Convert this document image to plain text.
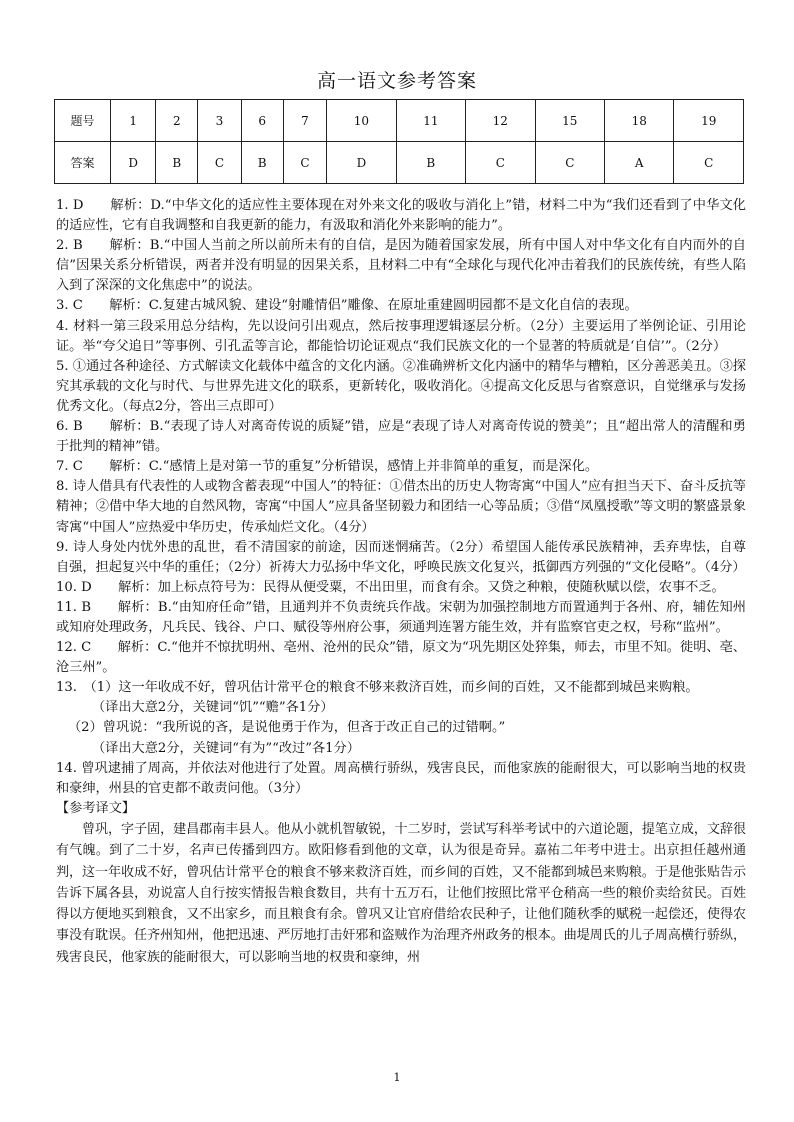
高一语文参考答案
题号	1	2	3	6	7	10	11	12	15	18	19
答案	D	B	C	B	C	D	B	C	C	A	C

1. D　　解析：D.“中华文化的适应性主要体现在对外来文化的吸收与消化上”错，材料二中为“我们还看到了中华文化的适应性，它有自我调整和自我更新的能力，有汲取和消化外来影响的能力”。

2. B　　解析：B.“中国人当前之所以前所未有的自信，是因为随着国家发展，所有中国人对中华文化有自内而外的自信”因果关系分析错误，两者并没有明显的因果关系，且材料二中有“全球化与现代化冲击着我们的民族传统，有些人陷入到了深深的文化焦虑中”的说法。

3. C　　解析：C.复建古城风貌、建设“射雕情侣”雕像、在原址重建圆明园都不是文化自信的表现。

4. 材料一第三段采用总分结构，先以设问引出观点，然后按事理逻辑逐层分析。（2分）主要运用了举例论证、引用论证。举“夸父追日”等事例、引孔孟等言论，都能恰切论证观点“我们民族文化的一个显著的特质就是‘自信’”。（2分）

5. ①通过各种途径、方式解读文化载体中蕴含的文化内涵。②准确辨析文化内涵中的精华与糟粕，区分善恶美丑。③探究其承载的文化与时代、与世界先进文化的联系，更新转化，吸收消化。④提高文化反思与省察意识，自觉继承与发扬优秀文化。（每点2分，答出三点即可）

6. B　　解析：B.“表现了诗人对离奇传说的质疑”错，应是“表现了诗人对离奇传说的赞美”；且“超出常人的清醒和勇于批判的精神”错。

7. C　　解析：C.“感情上是对第一节的重复”分析错误，感情上并非简单的重复，而是深化。

8. 诗人借具有代表性的人或物含蓄表现“中国人”的特征：①借杰出的历史人物寄寓“中国人”应有担当天下、奋斗反抗等精神；②借中华大地的自然风物，寄寓“中国人”应具备坚韧毅力和团结一心等品质；③借“凤凰授歌”等文明的繁盛景象寄寓“中国人”应热爱中华历史，传承灿烂文化。（4分）

9. 诗人身处内忧外患的乱世，看不清国家的前途，因而迷惘痛苦。（2分）希望国人能传承民族精神，丢弃卑怯，自尊自强，担起复兴中华的重任；（2分）祈祷大力弘扬中华文化，呼唤民族文化复兴，抵御西方列强的“文化侵略”。（4分）

10. D　　解析：加上标点符号为：民得从便受粟，不出田里，而食有余。又贷之种粮，使随秋赋以偿，农事不乏。

11. B　　解析：B.“由知府任命”错，且通判并不负责统兵作战。宋朝为加强控制地方而置通判于各州、府，辅佐知州或知府处理政务，凡兵民、钱谷、户口、赋役等州府公事，须通判连署方能生效，并有监察官吏之权，号称“监州”。

12. C　　解析：C.“他并不惊扰明州、亳州、沧州的民众”错，原文为“巩先期区处猝集，师去，市里不知。徙明、亳、沧三州”。

13.　（1）这一年收成不好，曾巩估计常平仓的粮食不够来救济百姓，而乡间的百姓，又不能都到城邑来购粮。

（译出大意2分，关键词“饥”“赡”各1分）

（2）曾巩说：“我所说的吝，是说他勇于作为，但吝于改正自己的过错啊。”

（译出大意2分，关键词“有为”“改过”各1分）

14. 曾巩逮捕了周高，并依法对他进行了处置。周高横行骄纵，残害良民，而他家族的能耐很大，可以影响当地的权贵和豪绅，州县的官吏都不敢责问他。（3分）

【参考译文】

曾巩，字子固，建昌郡南丰县人。他从小就机智敏锐，十二岁时，尝试写科举考试中的六道论题，提笔立成，文辞很有气魄。到了二十岁，名声已传播到四方。欧阳修看到他的文章，认为很是奇异。嘉祐二年考中进士。出京担任越州通判，这一年收成不好，曾巩估计常平仓的粮食不够来救济百姓，而乡间的百姓，又不能都到城邑来购粮。于是他张贴告示告诉下属各县，劝说富人自行按实情报告粮食数目，共有十五万石，让他们按照比常平仓稍高一些的粮价卖给贫民。百姓得以方便地买到粮食，又不出家乡，而且粮食有余。曾巩又让官府借给农民种子，让他们随秋季的赋税一起偿还，使得农事没有耽误。任齐州知州，他把迅速、严厉地打击奸邪和盗贼作为治理齐州政务的根本。曲堤周氏的儿子周高横行骄纵，残害良民，他家族的能耐很大，可以影响当地的权贵和豪绅，州

1
